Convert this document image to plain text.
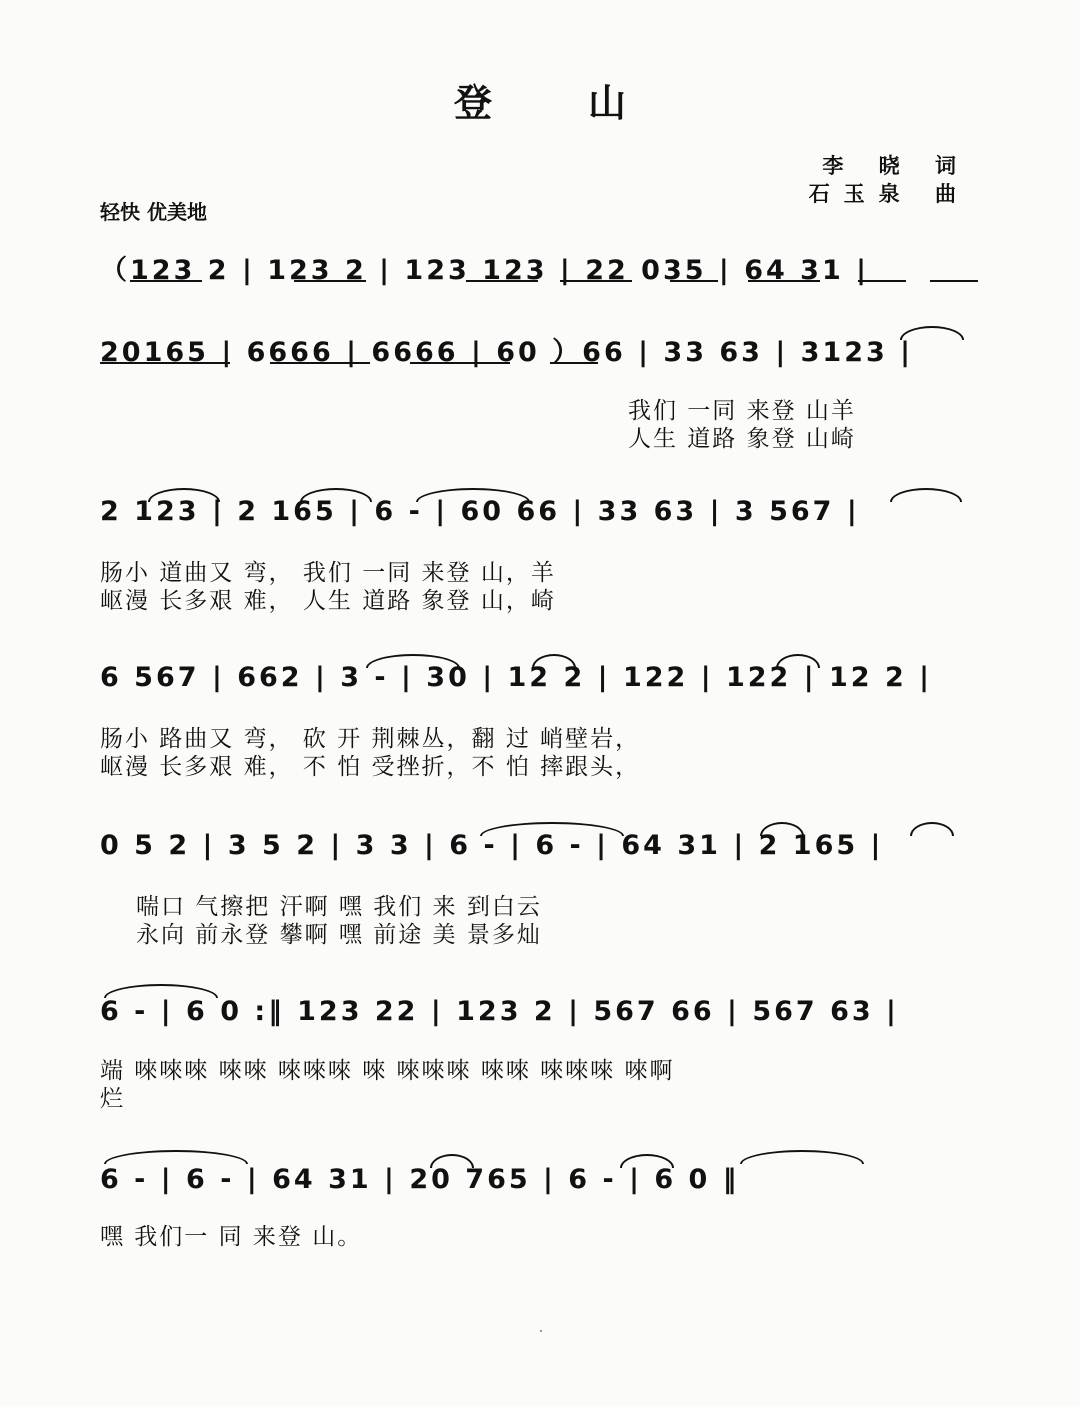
登山
李 晓 词
石玉泉 曲
轻快 优美地
（123 2 | 123 2 | 123 123 | 22 035 | 64 31 |
20165 | 6666 | 6666 | 60 ）66 | 33 63 | 3123 |
我们 一同 来登 山羊
人生 道路 象登 山崎
2 123 | 2 165 | 6 - | 60 66 | 33 63 | 3 567 |
肠小 道曲又 弯， 我们 一同 来登 山，羊
岖漫 长多艰 难， 人生 道路 象登 山，崎
6 567 | 662 | 3 - | 30 | 12 2 | 122 | 122 | 12 2 |
肠小 路曲又 弯， 砍 开 荆棘丛，翻 过 峭壁岩，
岖漫 长多艰 难， 不 怕 受挫折，不 怕 摔跟头，
0 5 2 | 3 5 2 | 3 3 | 6 - | 6 - | 64 31 | 2 165 |
喘口 气擦把 汗啊 嘿 我们 来 到白云
永向 前永登 攀啊 嘿 前途 美 景多灿
6 - | 6 0 :‖ 123 22 | 123 2 | 567 66 | 567 63 |
端 唻唻唻 唻唻 唻唻唻 唻 唻唻唻 唻唻 唻唻唻 唻啊
烂
6 - | 6 - | 64 31 | 20 765 | 6 - | 6 0 ‖
嘿 我们一 同 来登 山。
